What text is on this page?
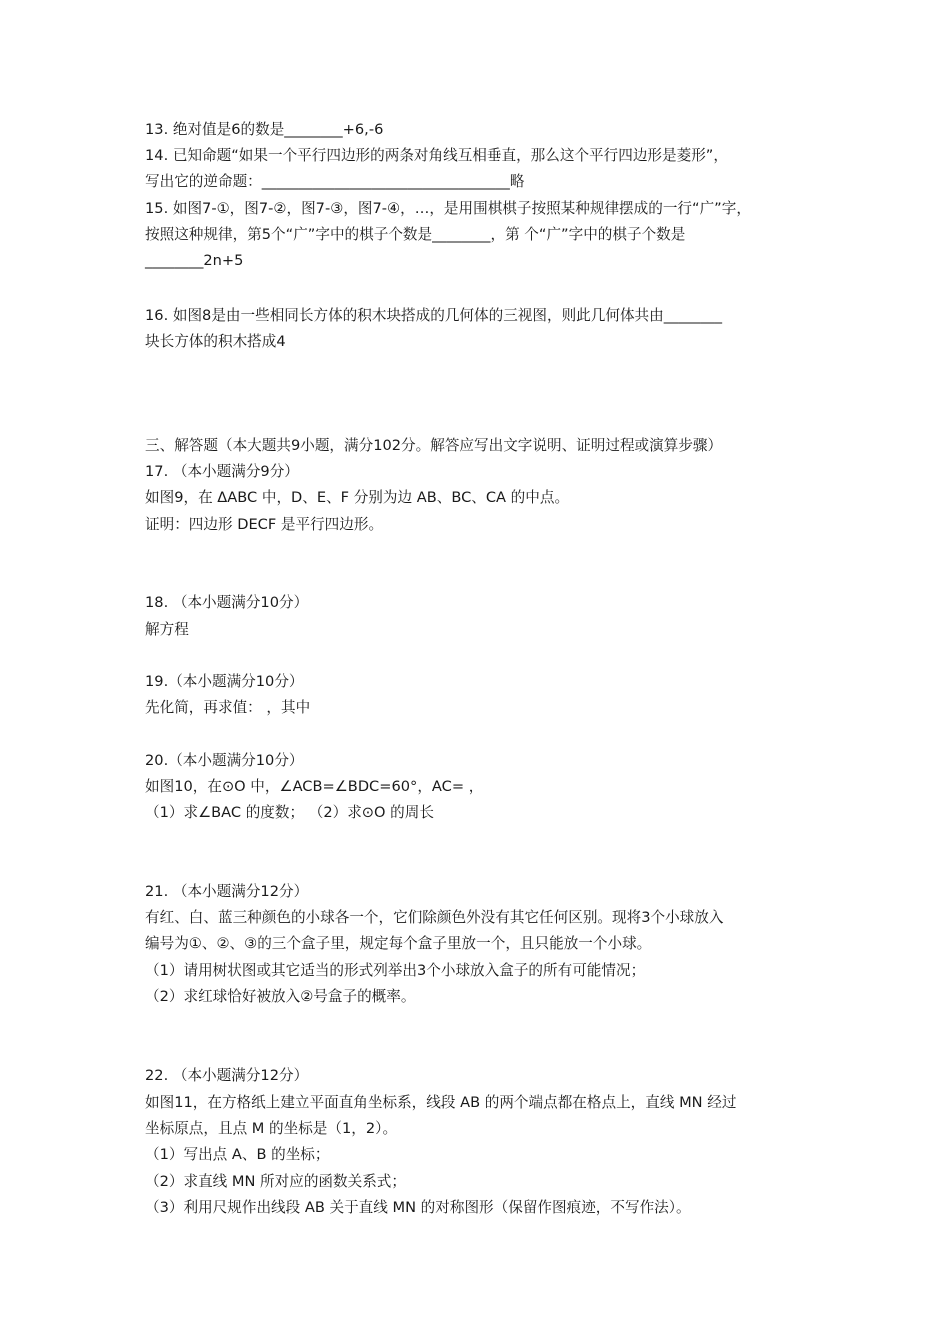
13. 绝对值是6的数是________+6,-6

14. 已知命题“如果一个平行四边形的两条对角线互相垂直，那么这个平行四边形是菱形”，

写出它的逆命题：__________________________________略

15. 如图7-①，图7-②，图7-③，图7-④，…，是用围棋棋子按照某种规律摆成的一行“广”字，

按照这种规律，第5个“广”字中的棋子个数是________，第 个“广”字中的棋子个数是

________2n+5

16. 如图8是由一些相同长方体的积木块搭成的几何体的三视图，则此几何体共由________

块长方体的积木搭成4

三、解答题（本大题共9小题，满分102分。解答应写出文字说明、证明过程或演算步骤）

17. （本小题满分9分）

如图9，在 ΔABC 中，D、E、F 分别为边 AB、BC、CA 的中点。

证明：四边形 DECF 是平行四边形。

18. （本小题满分10分）

解方程

19.（本小题满分10分）

先化简，再求值： ，其中

20.（本小题满分10分）

如图10，在⊙O 中，∠ACB=∠BDC=60°，AC= ，

（1）求∠BAC 的度数； （2）求⊙O 的周长

21. （本小题满分12分）

有红、白、蓝三种颜色的小球各一个，它们除颜色外没有其它任何区别。现将3个小球放入

编号为①、②、③的三个盒子里，规定每个盒子里放一个，且只能放一个小球。

（1）请用树状图或其它适当的形式列举出3个小球放入盒子的所有可能情况；

（2）求红球恰好被放入②号盒子的概率。

22. （本小题满分12分）

如图11，在方格纸上建立平面直角坐标系，线段 AB 的两个端点都在格点上，直线 MN 经过

坐标原点，且点 M 的坐标是（1，2）。

（1）写出点 A、B 的坐标；

（2）求直线 MN 所对应的函数关系式；

（3）利用尺规作出线段 AB 关于直线 MN 的对称图形（保留作图痕迹，不写作法）。
